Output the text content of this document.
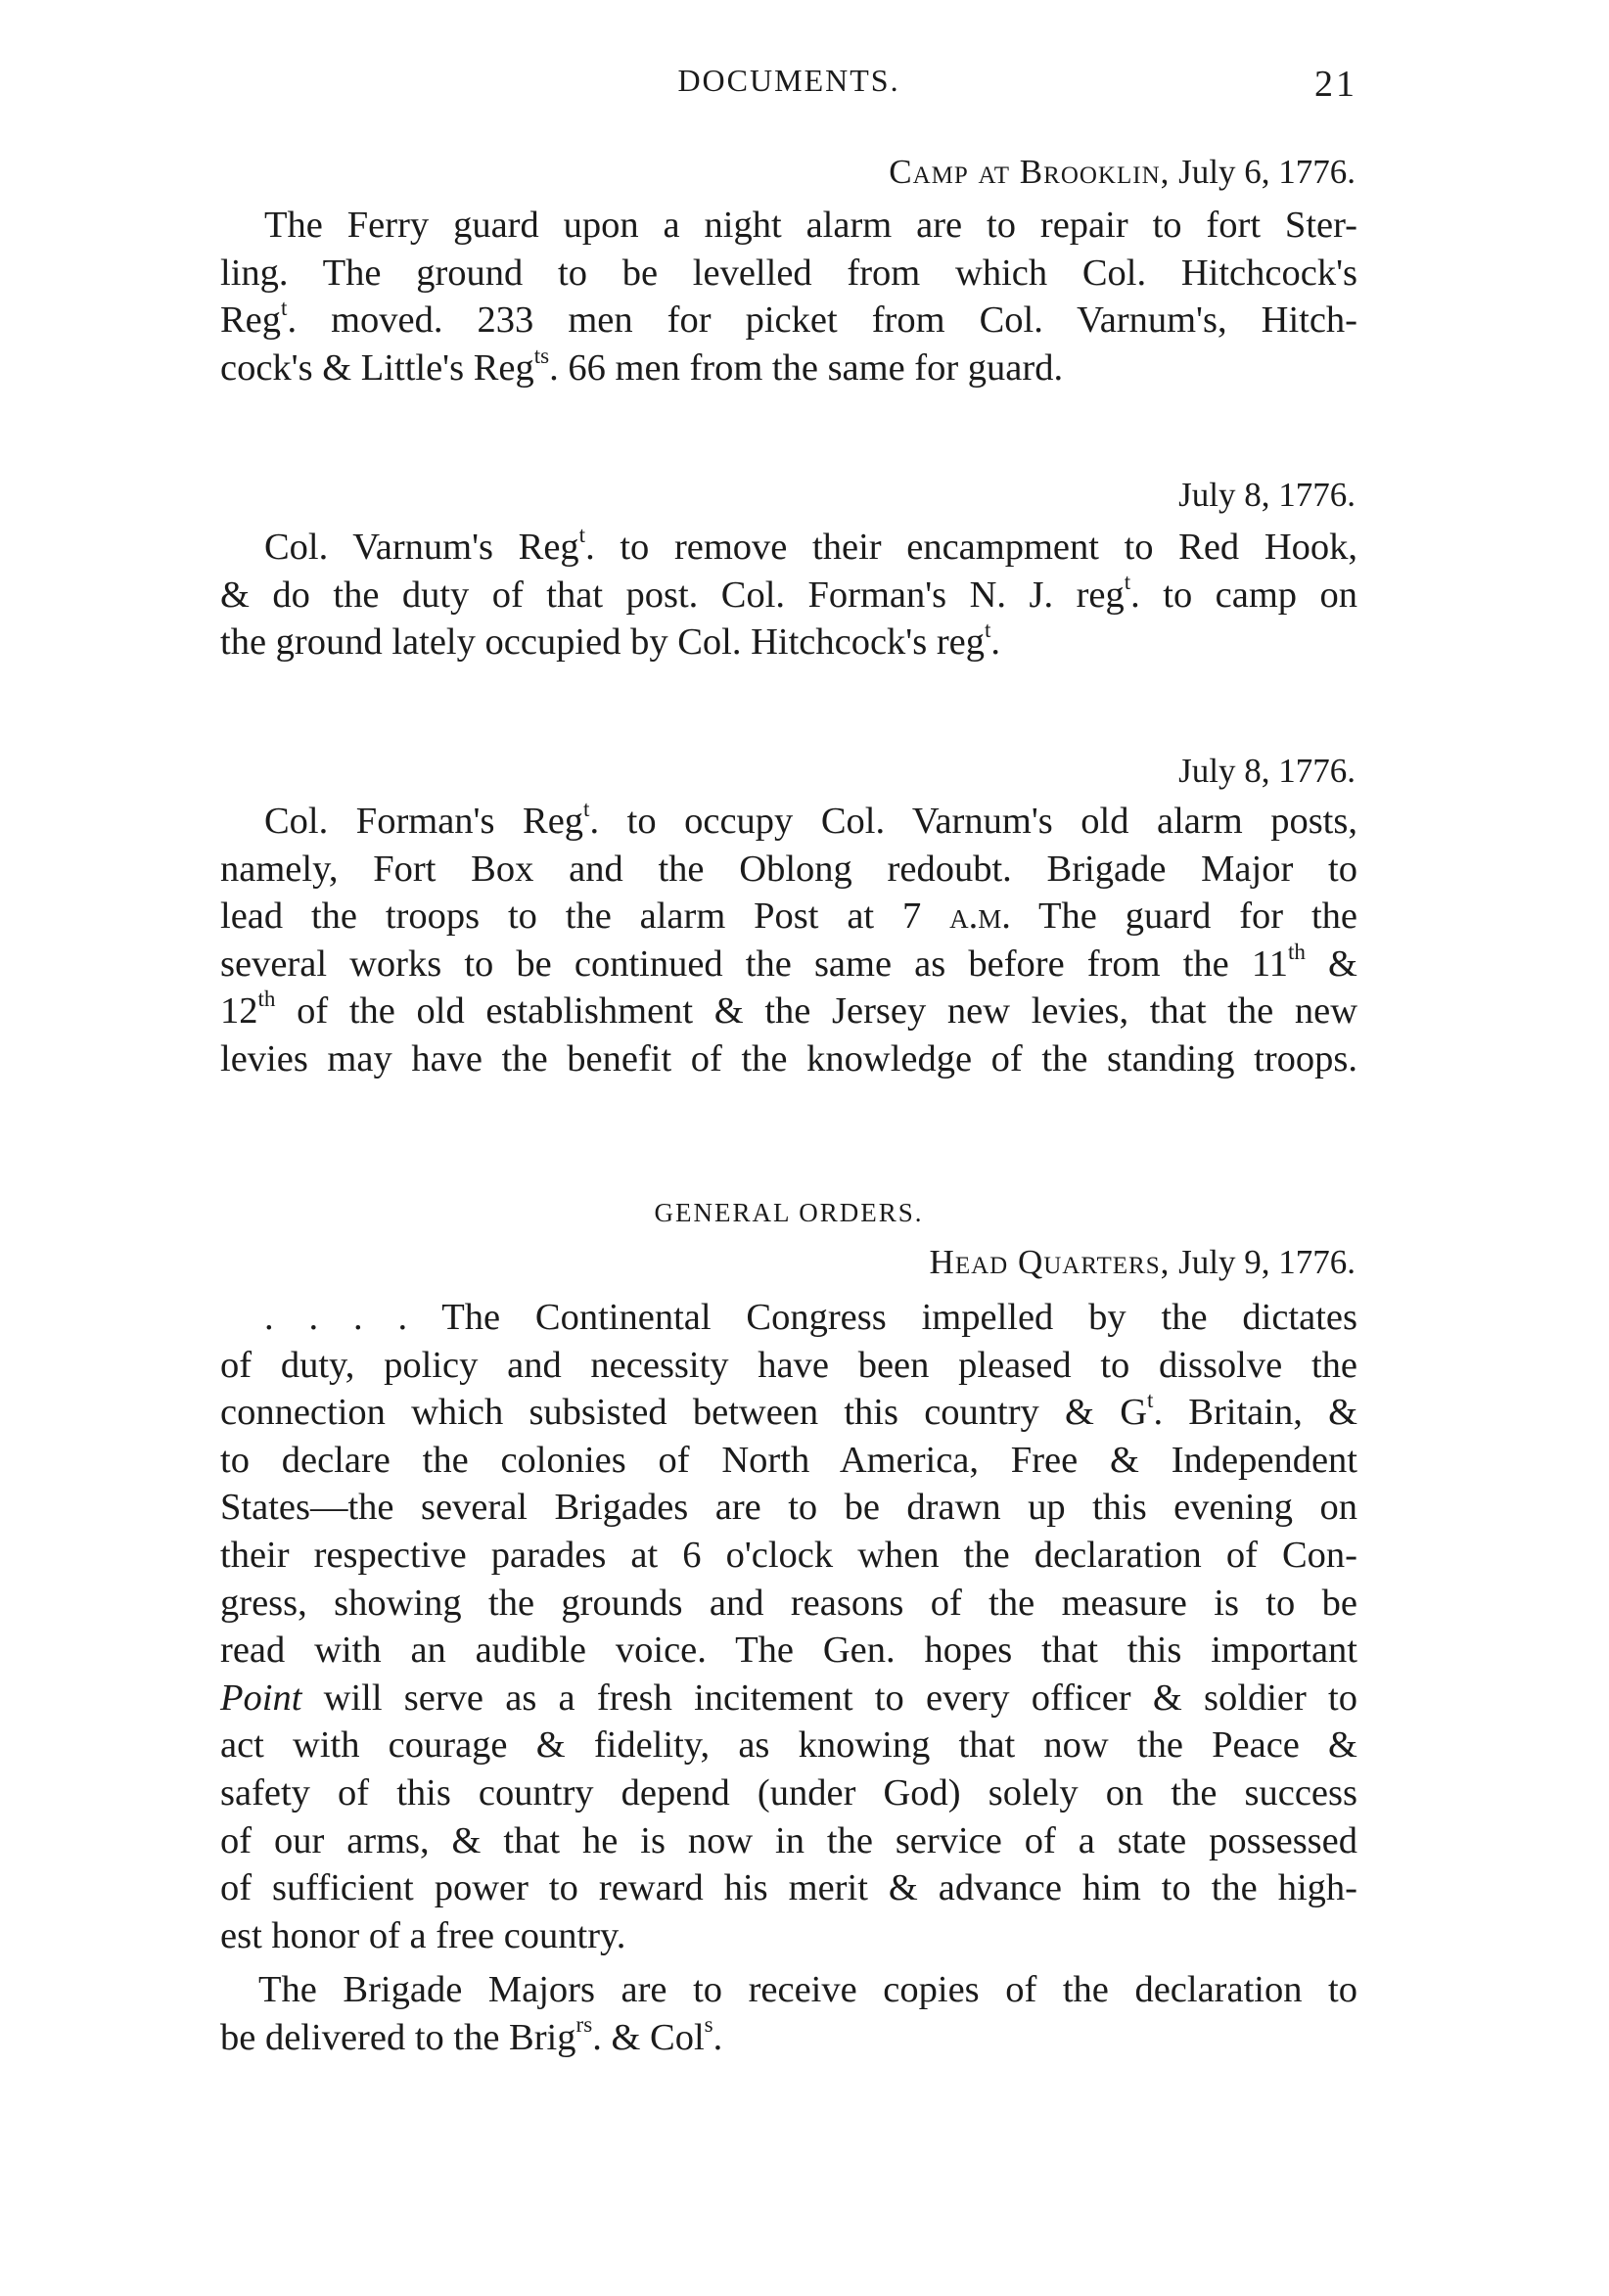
DOCUMENTS.	21
Camp at Brooklin, July 6, 1776.
The Ferry guard upon a night alarm are to repair to fort Ster-
ling. The ground to be levelled from which Col. Hitchcock's
Reg$^t$. moved. 233 men for picket from Col. Varnum's, Hitch-
cock's & Little's Reg$^{ts}$. 66 men from the same for guard.
July 8, 1776.
Col. Varnum's Reg$^t$. to remove their encampment to Red Hook,
& do the duty of that post. Col. Forman's N. J. reg$^t$. to camp on
the ground lately occupied by Col. Hitchcock's reg$^t$.
July 8, 1776.
Col. Forman's Reg$^t$. to occupy Col. Varnum's old alarm posts,
namely, Fort Box and the Oblong redoubt. Brigade Major to
lead the troops to the alarm Post at 7 a.m. The guard for the
several works to be continued the same as before from the 11th &
12th of the old establishment & the Jersey new levies, that the new
levies may have the benefit of the knowledge of the standing troops.
GENERAL ORDERS.
Head Quarters, July 9, 1776.
. . . . The Continental Congress impelled by the dictates
of duty, policy and necessity have been pleased to dissolve the
connection which subsisted between this country & $G^t$. Britain, &
to declare the colonies of North America, Free & Independent
States—the several Brigades are to be drawn up this evening on
their respective parades at 6 o'clock when the declaration of Con-
gress, showing the grounds and reasons of the measure is to be
read with an audible voice. The Gen. hopes that this important
Point will serve as a fresh incitement to every officer & soldier to
act with courage & fidelity, as knowing that now the Peace &
safety of this country depend (under God) solely on the success
of our arms, & that he is now in the service of a state possessed
of sufficient power to reward his merit & advance him to the high-
est honor of a free country.
The Brigade Majors are to receive copies of the declaration to
be delivered to the Brig$^{rs}$. & Col$^s$.
